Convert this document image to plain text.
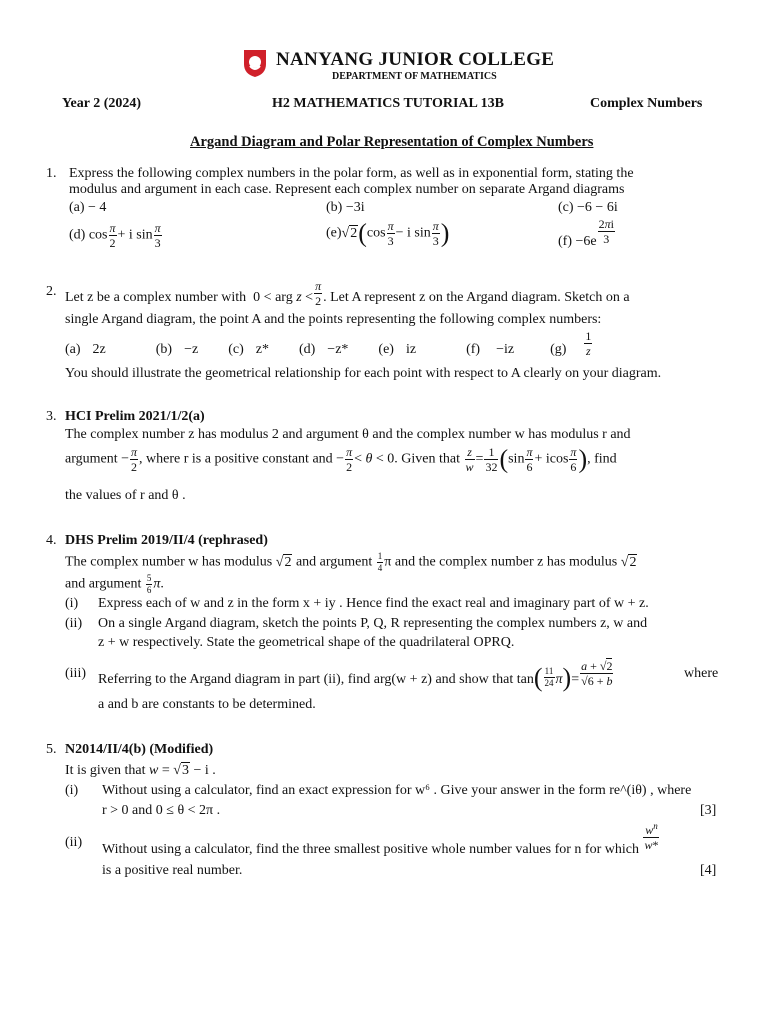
NANYANG JUNIOR COLLEGE
DEPARTMENT OF MATHEMATICS
Year 2 (2024)	H2 MATHEMATICS TUTORIAL 13B	Complex Numbers
Argand Diagram and Polar Representation of Complex Numbers
1. Express the following complex numbers in the polar form, as well as in exponential form, stating the
modulus and argument in each case. Represent each complex number on separate Argand diagrams
(a) − 4	(b) −3i	(c) −6 − 6i
(d) $\cos \frac{\pi}{2} + i$ $\sin \frac{\pi}{3}$	$(e)√2(\cos \frac{\pi}{3} - i$ $\sin \frac{\pi}{3}$ )	(f) −6e $^{\frac{2\pi i}{3}}$
2. Let z be a complex number with  0 < arg $z < \frac{\pi}{2}$ . Let A represent z on the Argand diagram. Sketch on a
single Argand diagram, the point A and the points representing the following complex numbers:
(a) 2z	(b) −z (c) z* (d) −z* (e) iz	(f) −iz	$(g) \frac{1}{z}$
You should illustrate the geometrical relationship for each point with respect to A clearly on your diagram.
3. HCI Prelim 2021/1/2(a)
The complex number z has modulus 2 and argument θ and the complex number w has modulus r and
argument − $\frac{\pi}{2}$ , where r is a positive constant and − $\frac{\pi}{2} < \theta < 0$. Given that $\frac{z}{w} = \frac{1}{32} (\sin \frac{\pi}{6} + icos \frac{\pi}{6}$ ), find
the values of r and θ .
4. DHS Prelim 2019/II/4 (rephrased)
The complex number w has modulus √2 and argument $\frac{1}{4}$ π and the complex number z has modulus √2
and argument $\frac{5}{6} \pi$.
(i) Express each of w and z in the form x + iy . Hence find the exact real and imaginary part of w + z.
(ii) On a single Argand diagram, sketch the points P, Q, R representing the complex numbers z, w and
z + w respectively. State the geometrical shape of the quadrilateral OPRQ.
(iii) Referring to the Argand diagram in part (ii), find arg(w + z) and show that $\tan( \frac{11}{24} \pi)= \frac{a + √2}{√6 + b}$	where
a and b are constants to be determined.
5. N2014/II/4(b) (Modified)
It is given that w = √3 − i .
(i) Without using a calculator, find an exact expression for w⁶ . Give your answer in the form re^(iθ) , where
r > 0 and 0 ≤ θ < 2π .	[3]
(ii) Without using a calculator, find the three smallest positive whole number values for n for which $\frac{w^n}{w*}$
is a positive real number.	[4]
